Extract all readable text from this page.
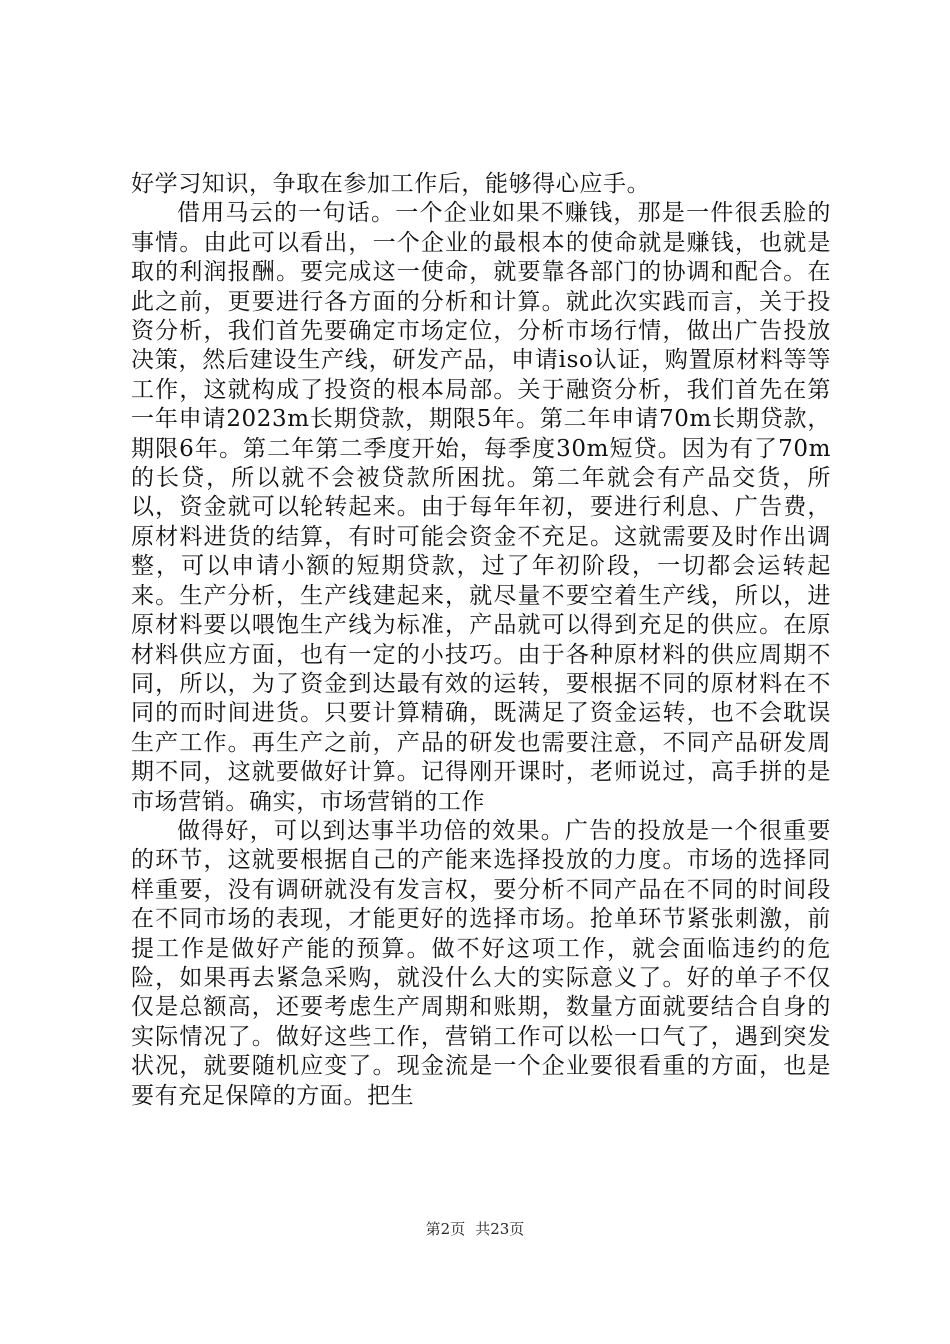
好学习知识，争取在参加工作后，能够得心应手。

借用马云的一句话。一个企业如果不赚钱，那是一件很丢脸的事情。由此可以看出，一个企业的最根本的使命就是赚钱，也就是取的利润报酬。要完成这一使命，就要靠各部门的协调和配合。在此之前，更要进行各方面的分析和计算。就此次实践而言，关于投资分析，我们首先要确定市场定位，分析市场行情，做出广告投放决策，然后建设生产线，研发产品，申请iso认证，购置原材料等等工作，这就构成了投资的根本局部。关于融资分析，我们首先在第一年申请2023m长期贷款，期限5年。第二年申请70m长期贷款，期限6年。第二年第二季度开始，每季度30m短贷。因为有了70m的长贷，所以就不会被贷款所困扰。第二年就会有产品交货，所以，资金就可以轮转起来。由于每年年初，要进行利息、广告费，原材料进货的结算，有时可能会资金不充足。这就需要及时作出调整，可以申请小额的短期贷款，过了年初阶段，一切都会运转起来。生产分析，生产线建起来，就尽量不要空着生产线，所以，进原材料要以喂饱生产线为标准，产品就可以得到充足的供应。在原材料供应方面，也有一定的小技巧。由于各种原材料的供应周期不同，所以，为了资金到达最有效的运转，要根据不同的原材料在不同的而时间进货。只要计算精确，既满足了资金运转，也不会耽误生产工作。再生产之前，产品的研发也需要注意，不同产品研发周期不同，这就要做好计算。记得刚开课时，老师说过，高手拼的是市场营销。确实，市场营销的工作

做得好，可以到达事半功倍的效果。广告的投放是一个很重要的环节，这就要根据自己的产能来选择投放的力度。市场的选择同样重要，没有调研就没有发言权，要分析不同产品在不同的时间段在不同市场的表现，才能更好的选择市场。抢单环节紧张刺激，前提工作是做好产能的预算。做不好这项工作，就会面临违约的危险，如果再去紧急采购，就没什么大的实际意义了。好的单子不仅仅是总额高，还要考虑生产周期和账期，数量方面就要结合自身的实际情况了。做好这些工作，营销工作可以松一口气了，遇到突发状况，就要随机应变了。现金流是一个企业要很看重的方面，也是要有充足保障的方面。把生

第2页 共23页
